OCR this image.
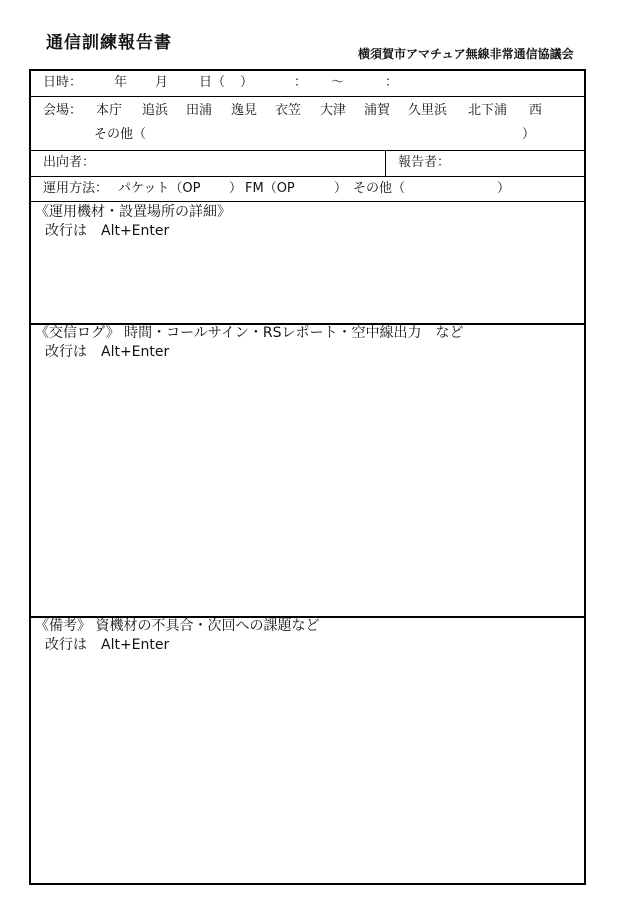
通信訓練報告書
横須賀市アマチュア無線非常通信協議会
日時： 年 月 日（ ）	： 〜	：
会場： 本庁 追浜 田浦 逸見 衣笠 大津 浦賀 久里浜 北下浦 西
その他（	）
出向者：	報告者：
運用方法： パケット（OP ） FM（OP	） その他（	）
《運用機材・設置場所の詳細》
改行は　Alt+Enter
《交信ログ》 時間・コールサイン・RSレポート・空中線出力　など
改行は　Alt+Enter
《備考》 資機材の不具合・次回への課題など
改行は　Alt+Enter
